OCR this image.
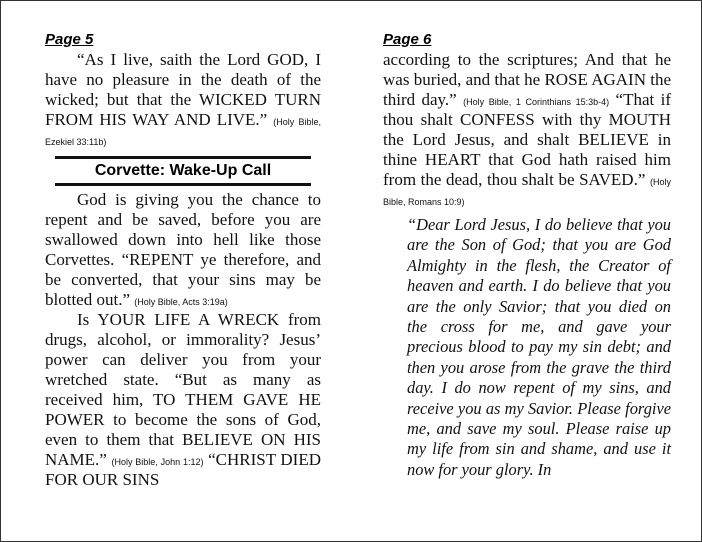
Page 5

“As I live, saith the Lord GOD, I have no pleasure in the death of the wicked; but that the WICKED TURN FROM HIS WAY AND LIVE.” (Holy Bible, Ezekiel 33:11b)

Corvette: Wake-Up Call

God is giving you the chance to repent and be saved, before you are swallowed down into hell like those Corvettes. “REPENT ye therefore, and be converted, that your sins may be blotted out.” (Holy Bible, Acts 3:19a)

Is YOUR LIFE A WRECK from drugs, alcohol, or immorality? Jesus’ power can deliver you from your wretched state. “But as many as received him, TO THEM GAVE HE POWER to become the sons of God, even to them that BELIEVE ON HIS NAME.” (Holy Bible, John 1:12) “CHRIST DIED FOR OUR SINS

Page 6

according to the scriptures; And that he was buried, and that he ROSE AGAIN the third day.” (Holy Bible, 1 Corinthians 15:3b-4) “That if thou shalt CONFESS with thy MOUTH the Lord Jesus, and shalt BELIEVE in thine HEART that God hath raised him from the dead, thou shalt be SAVED.” (Holy Bible, Romans 10:9)

“Dear Lord Jesus, I do believe that you are the Son of God; that you are God Almighty in the flesh, the Creator of heaven and earth. I do believe that you are the only Savior; that you died on the cross for me, and gave your precious blood to pay my sin debt; and then you arose from the grave the third day. I do now repent of my sins, and receive you as my Savior. Please forgive me, and save my soul. Please raise up my life from sin and shame, and use it now for your glory. In
